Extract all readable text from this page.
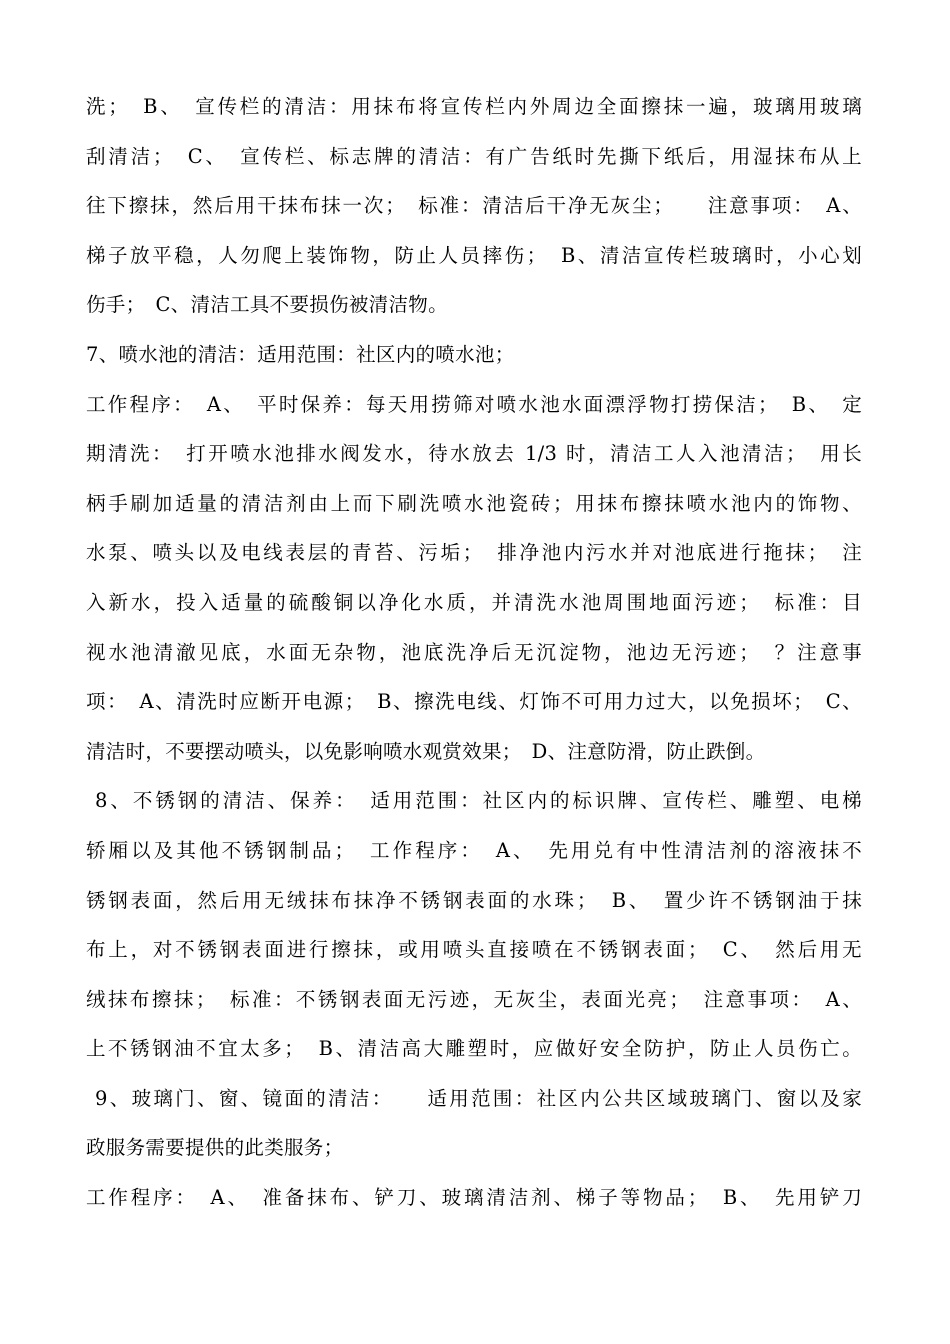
洗；　B、　宣传栏的清洁：用抹布将宣传栏内外周边全面擦抹一遍，玻璃用玻璃
刮清洁；　C、　宣传栏、标志牌的清洁：有广告纸时先撕下纸后，用湿抹布从上
往下擦抹，然后用干抹布抹一次；　标准：清洁后干净无灰尘；　　注意事项：　A、
梯子放平稳，人勿爬上装饰物，防止人员摔伤；　B、清洁宣传栏玻璃时，小心划
伤手；　C、清洁工具不要损伤被清洁物。
7、喷水池的清洁：适用范围：社区内的喷水池；
工作程序：　A、　平时保养：每天用捞筛对喷水池水面漂浮物打捞保洁；　B、　定
期清洗：　打开喷水池排水阀发水，待水放去 1/3 时，清洁工人入池清洁；　用长
柄手刷加适量的清洁剂由上而下刷洗喷水池瓷砖；用抹布擦抹喷水池内的饰物、
水泵、喷头以及电线表层的青苔、污垢；　排净池内污水并对池底进行拖抹；　注
入新水，投入适量的硫酸铜以净化水质，并清洗水池周围地面污迹；　标准：目
视水池清澈见底，水面无杂物，池底洗净后无沉淀物，池边无污迹；　？注意事
项：　A、清洗时应断开电源；　B、擦洗电线、灯饰不可用力过大，以免损坏；　C、
清洁时，不要摆动喷头，以免影响喷水观赏效果；　D、注意防滑，防止跌倒。
8、不锈钢的清洁、保养：　适用范围：社区内的标识牌、宣传栏、雕塑、电梯
轿厢以及其他不锈钢制品；　工作程序：　A、　先用兑有中性清洁剂的溶液抹不
锈钢表面，然后用无绒抹布抹净不锈钢表面的水珠；　B、　置少许不锈钢油于抹
布上，对不锈钢表面进行擦抹，或用喷头直接喷在不锈钢表面；　C、　然后用无
绒抹布擦抹；　标准：不锈钢表面无污迹，无灰尘，表面光亮；　注意事项：　A、
上不锈钢油不宜太多；　B、清洁高大雕塑时，应做好安全防护，防止人员伤亡。
9、玻璃门、窗、镜面的清洁：　　适用范围：社区内公共区域玻璃门、窗以及家
政服务需要提供的此类服务；
工作程序：　A、　准备抹布、铲刀、玻璃清洁剂、梯子等物品；　B、　先用铲刀
